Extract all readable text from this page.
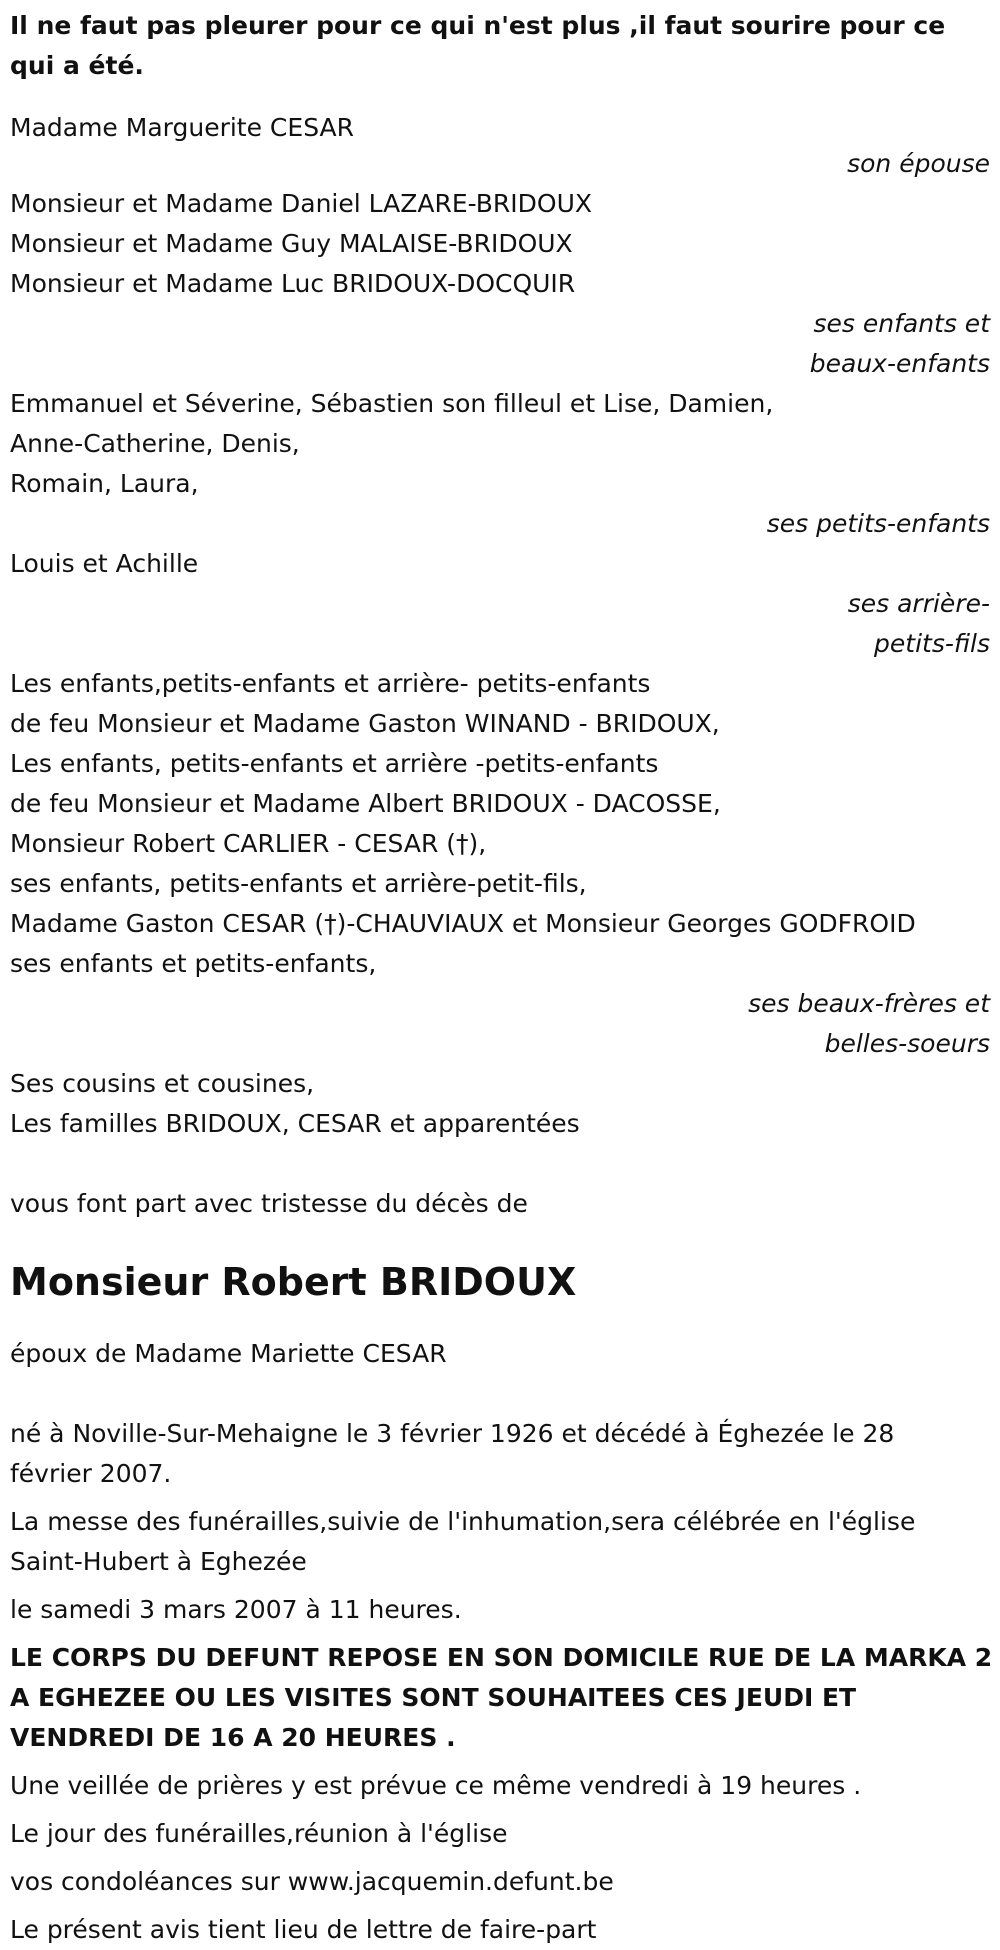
Il ne faut pas pleurer pour ce qui n'est plus ,il faut sourire pour ce qui a été.
Madame Marguerite CESAR
son épouse
Monsieur et Madame Daniel LAZARE-BRIDOUX
Monsieur et Madame Guy MALAISE-BRIDOUX
Monsieur et Madame Luc BRIDOUX-DOCQUIR
ses enfants et
beaux-enfants
Emmanuel et Séverine, Sébastien son filleul et Lise, Damien,
Anne-Catherine, Denis,
Romain, Laura,
ses petits-enfants
Louis et Achille
ses arrière-
petits-fils
Les enfants,petits-enfants et arrière- petits-enfants
de feu Monsieur et Madame Gaston WINAND - BRIDOUX,
Les enfants, petits-enfants et arrière -petits-enfants
de feu Monsieur et Madame Albert BRIDOUX - DACOSSE,
Monsieur Robert CARLIER - CESAR (†),
ses enfants, petits-enfants et arrière-petit-fils,
Madame Gaston CESAR (†)-CHAUVIAUX et Monsieur Georges GODFROID
ses enfants et petits-enfants,
ses beaux-frères et
belles-soeurs
Ses cousins et cousines,
Les familles BRIDOUX, CESAR et apparentées
vous font part avec tristesse du décès de
Monsieur Robert BRIDOUX
époux de Madame Mariette CESAR
né à Noville-Sur-Mehaigne le 3 février 1926 et décédé à Éghezée le 28 février 2007.
La messe des funérailles,suivie de l'inhumation,sera célébrée en l'église Saint-Hubert à Eghezée
le samedi 3 mars 2007 à 11 heures.
LE CORPS DU DEFUNT REPOSE EN SON DOMICILE RUE DE LA MARKA 2 A EGHEZEE OU LES VISITES SONT SOUHAITEES CES JEUDI ET VENDREDI DE 16 A 20 HEURES .
Une veillée de prières y est prévue ce même vendredi à 19 heures .
Le jour des funérailles,réunion à l'église
vos condoléances sur www.jacquemin.defunt.be
Le présent avis tient lieu de lettre de faire-part
